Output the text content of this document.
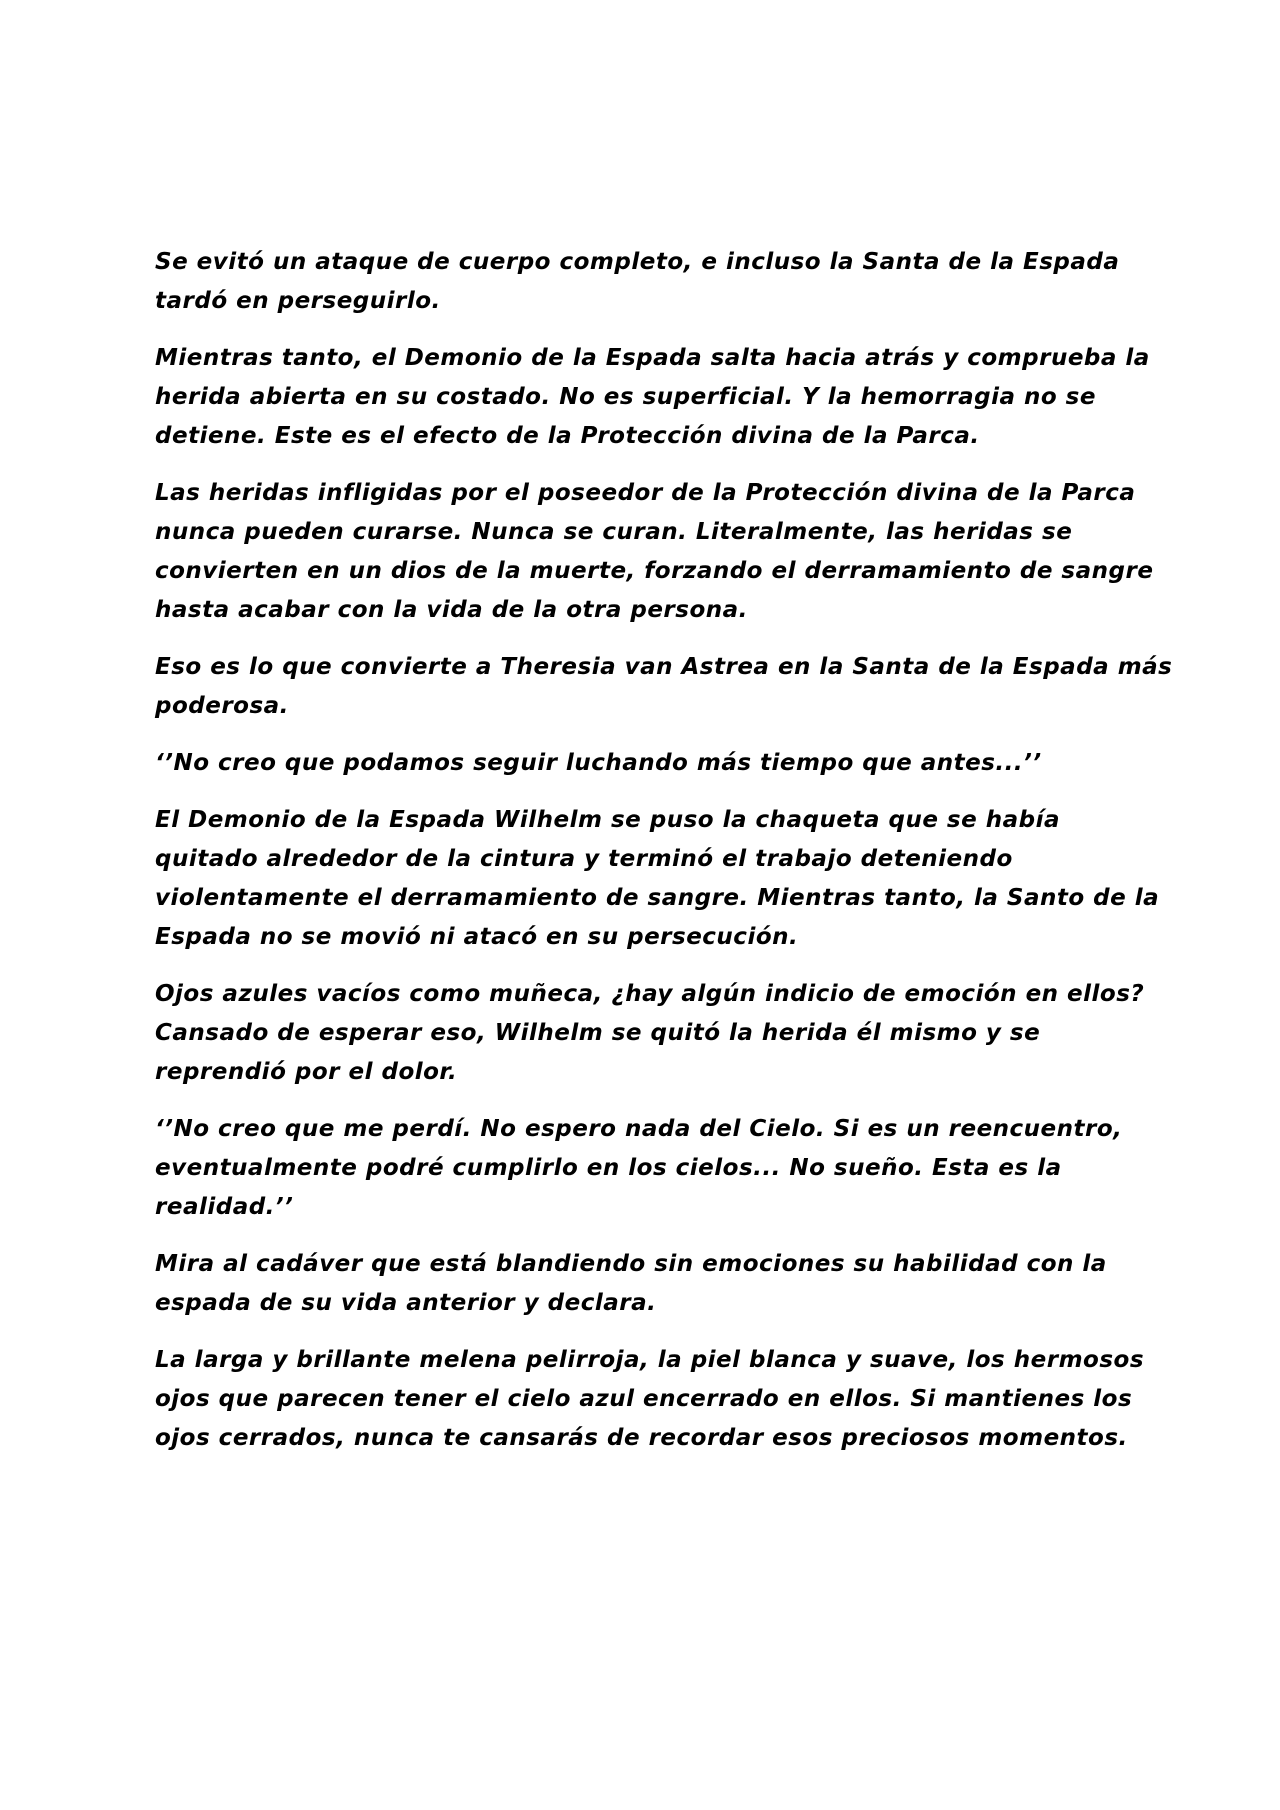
Se evitó un ataque de cuerpo completo, e incluso la Santa de la Espada
tardó en perseguirlo.

Mientras tanto, el Demonio de la Espada salta hacia atrás y comprueba la
herida abierta en su costado. No es superficial. Y la hemorragia no se
detiene. Este es el efecto de la Protección divina de la Parca.

Las heridas infligidas por el poseedor de la Protección divina de la Parca
nunca pueden curarse. Nunca se curan. Literalmente, las heridas se
convierten en un dios de la muerte, forzando el derramamiento de sangre
hasta acabar con la vida de la otra persona.

Eso es lo que convierte a Theresia van Astrea en la Santa de la Espada más
poderosa.

‘’No creo que podamos seguir luchando más tiempo que antes...’’

El Demonio de la Espada Wilhelm se puso la chaqueta que se había
quitado alrededor de la cintura y terminó el trabajo deteniendo
violentamente el derramamiento de sangre. Mientras tanto, la Santo de la
Espada no se movió ni atacó en su persecución.

Ojos azules vacíos como muñeca, ¿hay algún indicio de emoción en ellos?
Cansado de esperar eso, Wilhelm se quitó la herida él mismo y se
reprendió por el dolor.

‘’No creo que me perdí. No espero nada del Cielo. Si es un reencuentro,
eventualmente podré cumplirlo en los cielos... No sueño. Esta es la
realidad.’’

Mira al cadáver que está blandiendo sin emociones su habilidad con la
espada de su vida anterior y declara.

La larga y brillante melena pelirroja, la piel blanca y suave, los hermosos
ojos que parecen tener el cielo azul encerrado en ellos. Si mantienes los
ojos cerrados, nunca te cansarás de recordar esos preciosos momentos.
